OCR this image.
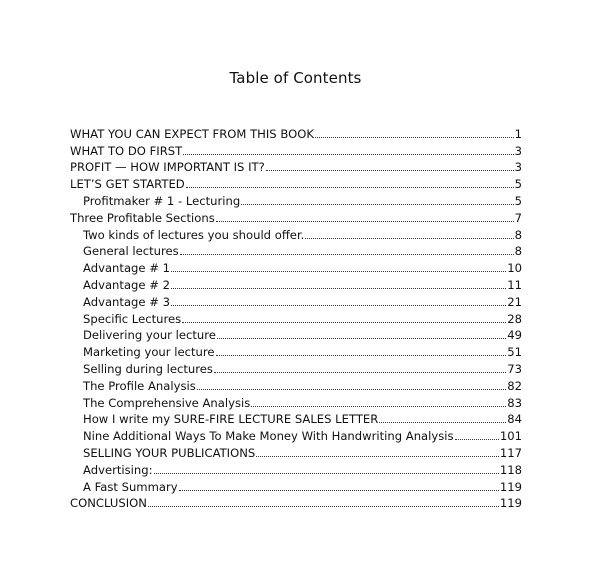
Table of Contents
WHAT YOU CAN EXPECT FROM THIS BOOK	1
WHAT TO DO FIRST	3
PROFIT — HOW IMPORTANT IS IT?	3
LET’S GET STARTED	5
Profitmaker # 1 - Lecturing	5
Three Profitable Sections	7
Two kinds of lectures you should offer.	8
General lectures	8
Advantage # 1	10
Advantage # 2	11
Advantage # 3	21
Specific Lectures	28
Delivering your lecture	49
Marketing your lecture	51
Selling during lectures	73
The Profile Analysis	82
The Comprehensive Analysis	83
How I write my SURE-FIRE LECTURE SALES LETTER	84
Nine Additional Ways To Make Money With Handwriting Analysis	101
SELLING YOUR PUBLICATIONS	117
Advertising:	118
A Fast Summary	119
CONCLUSION	119
